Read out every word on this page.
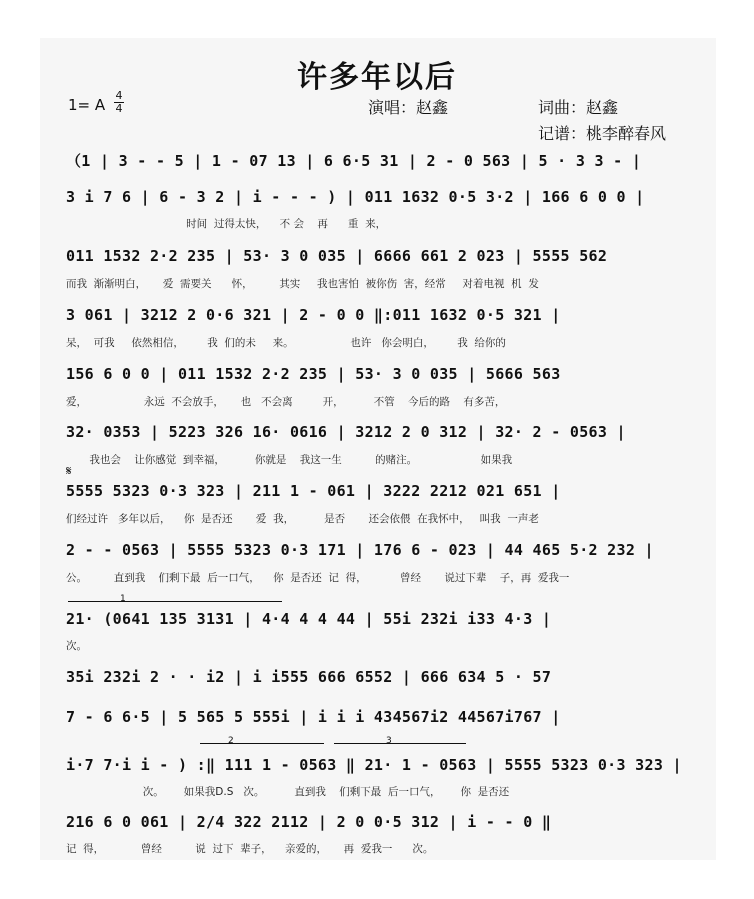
许多年以后
1= A $\frac{4}{4}$	演唱：赵鑫	词曲：赵鑫
记谱：桃李醉春风
（1 | 3 - - 5 | 1 - 07 13 | 6 6·5 31 | 2 - 0 563 | 5 · 3 3 - |
3 i 7 6 | 6 - 3 2 | i - - - ) | 011 1632 0·5 3·2 | 166 6 0 0 |
时间  过得太快，    不 会    再      重  来，
011 1532 2·2 235 | 53· 3 0 035 | 6666 661 2 023 | 5555 562
而我  渐渐明白，     爱  需要关      怀，        其实     我也害怕  被你伤  害，经常     对着电视  机  发
3 061 | 3212 2 0·6 321 | 2 - 0 0 ‖:011 1632 0·5 321 |
呆，  可我     依然相信，       我  们的未     来。                 也许   你会明白，       我  给你的
156 6 0 0 | 011 1532 2·2 235 | 53· 3 0 035 | 5666 563
爱，                 永远  不会放手，     也   不会离         开，         不管    今后的路    有多苦，
32· 0353 | 5223 326 16· 0616 | 3212 2 0 312 | 32· 2 - 0563 |
我也会    让你感觉  到幸福，         你就是    我这一生          的赌注。                   如果我
𝄋
5555 5323 0·3 323 | 211 1 - 061 | 3222 2212 021 651 |
们经过许   多年以后，    你  是否还       爱  我，         是否       还会依偎  在我怀中，   叫我  一声老
2 - - 0563 | 5555 5323 0·3 171 | 176 6 - 023 | 44 465 5·2 232 |
公。        直到我    们剩下最  后一口气，    你  是否还  记  得，          曾经       说过下辈    子，再  爱我一
1
21· (0641 135 3131 | 4·4 4 4 44 | 55i 232i i33 4·3 |
次。
35i 232i 2 · · i2 | i i555 666 6552 | 666 634 5 · 57
7 - 6 6·5 | 5 565 5 555i | i i i 434567i2 44567i767 |
2	3
i·7 7·i i - ) :‖ 111 1 - 0563 ‖ 21· 1 - 0563 | 5555 5323 0·3 323 |
次。      如果我D.S   次。         直到我    们剩下最  后一口气，      你  是否还
216 6 0 061 | 2/4 322 2112 | 2 0 0·5 312 | i - - 0 ‖
记  得，           曾经          说  过下  辈子，    亲爱的，     再  爱我一      次。
